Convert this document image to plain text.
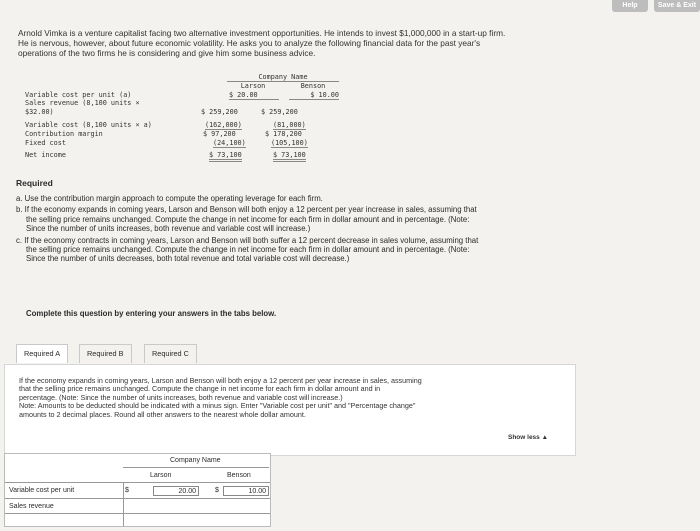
Help	Save & Exit
Arnold Vimka is a venture capitalist facing two alternative investment opportunities. He intends to invest $1,000,000 in a start-up firm.
He is nervous, however, about future economic volatility. He asks you to analyze the following financial data for the past year's
operations of the two firms he is considering and give him some business advice.
Company Name
Larson	Benson
Variable cost per unit (a)	$ 20.00	$ 10.00
Sales revenue (8,100 units ×
$32.00)	$ 259,200	$ 259,200
Variable cost (8,100 units × a)	(162,000)	(81,000)
Contribution margin	$ 97,200	$ 178,200
Fixed cost	(24,100)	(105,100)
Net income	$ 73,100	$ 73,100
Required
a. Use the contribution margin approach to compute the operating leverage for each firm.
b. If the economy expands in coming years, Larson and Benson will both enjoy a 12 percent per year increase in sales, assuming that
the selling price remains unchanged. Compute the change in net income for each firm in dollar amount and in percentage. (Note:
Since the number of units increases, both revenue and variable cost will increase.)
c. If the economy contracts in coming years, Larson and Benson will both suffer a 12 percent decrease in sales volume, assuming that
the selling price remains unchanged. Compute the change in net income for each firm in dollar amount and in percentage. (Note:
Since the number of units decreases, both total revenue and total variable cost will decrease.)
Complete this question by entering your answers in the tabs below.
Required A	Required B	Required C
If the economy expands in coming years, Larson and Benson will both enjoy a 12 percent per year increase in sales, assuming
that the selling price remains unchanged. Compute the change in net income for each firm in dollar amount and in
percentage. (Note: Since the number of units increases, both revenue and variable cost will increase.)
Note: Amounts to be deducted should be indicated with a minus sign. Enter "Variable cost per unit" and "Percentage change"
amounts to 2 decimal places. Round all other answers to the nearest whole dollar amount.
Show less ▲
Company Name
Larson	Benson
Variable cost per unit	$	20.00	$	10.00
Sales revenue
